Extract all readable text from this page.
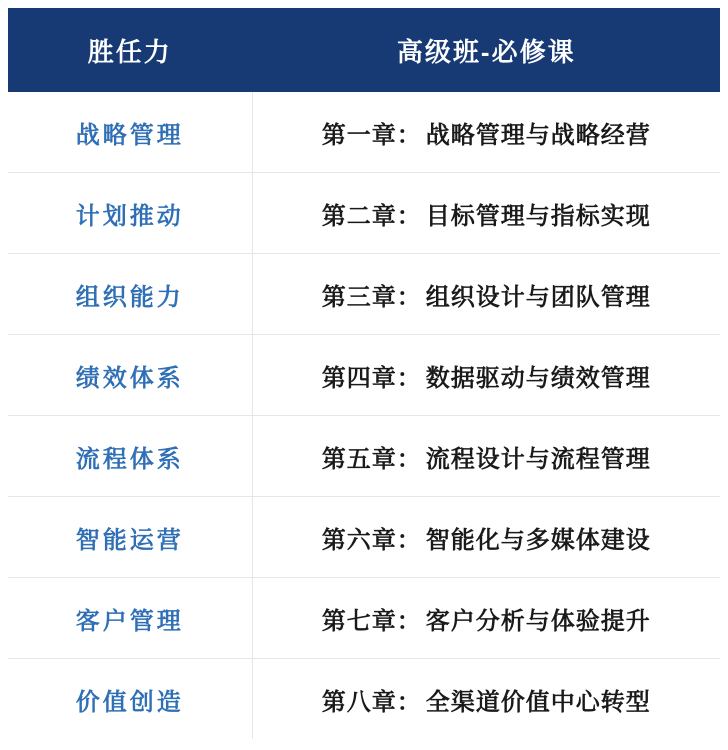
胜任力	高级班-必修课
战略管理	第一章： 战略管理与战略经营
计划推动	第二章： 目标管理与指标实现
组织能力	第三章： 组织设计与团队管理
绩效体系	第四章： 数据驱动与绩效管理
流程体系	第五章： 流程设计与流程管理
智能运营	第六章： 智能化与多媒体建设
客户管理	第七章： 客户分析与体验提升
价值创造	第八章： 全渠道价值中心转型
